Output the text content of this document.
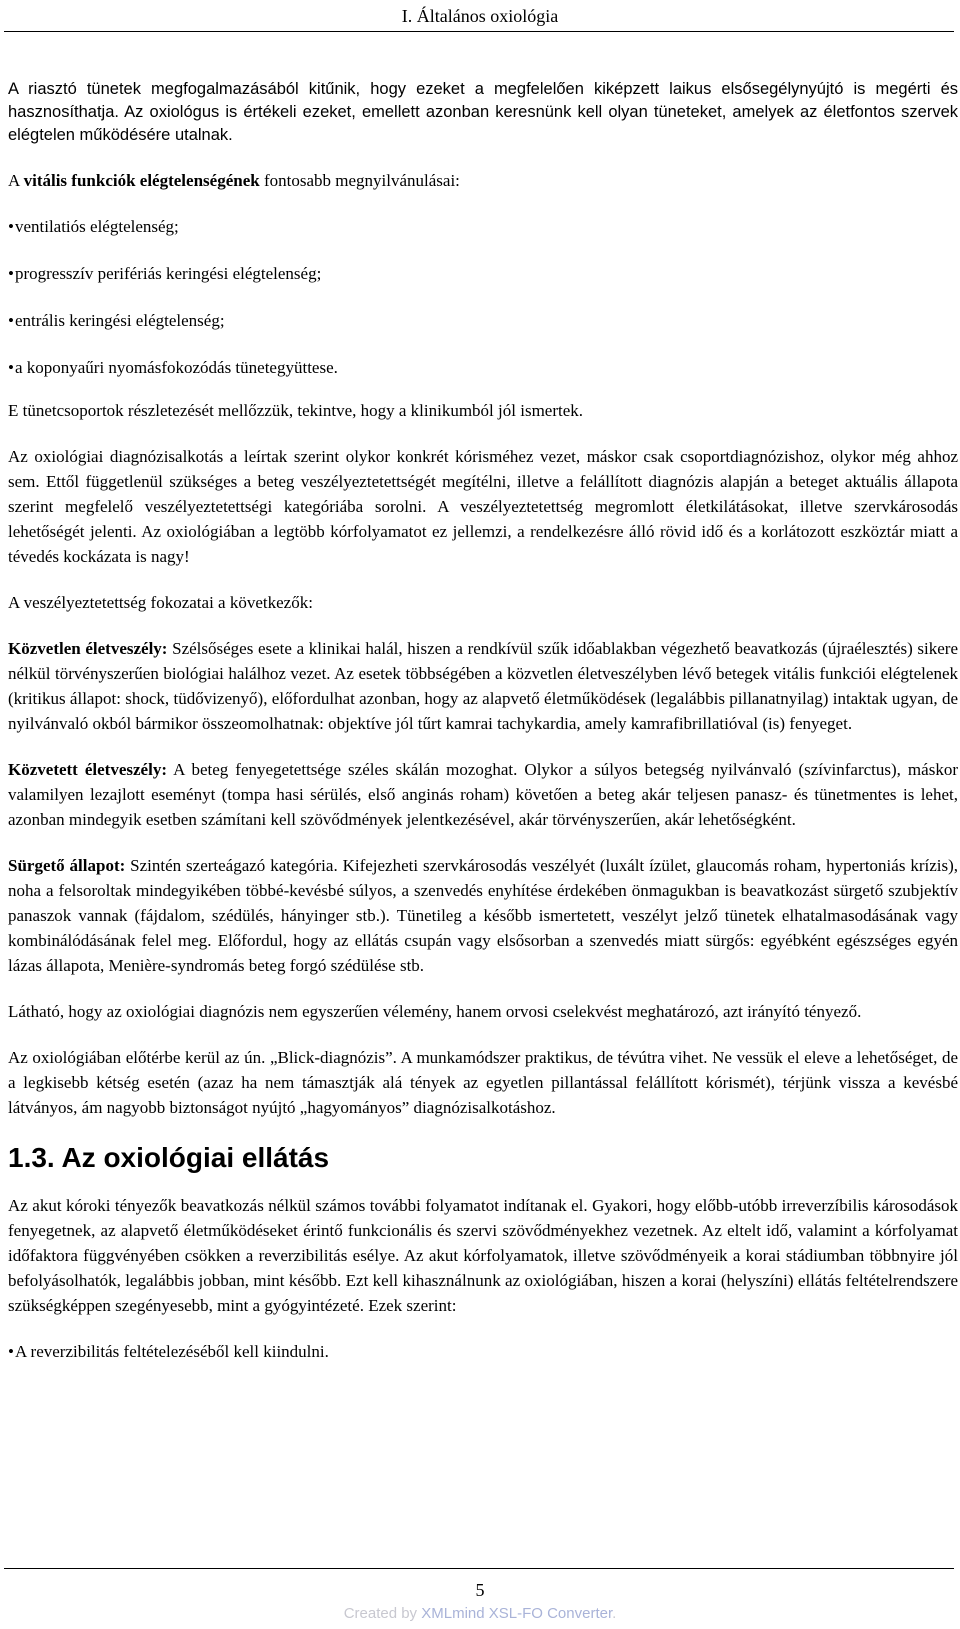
I. Általános oxiológia

A riasztó tünetek megfogalmazásából kitűnik, hogy ezeket a megfelelően kiképzett laikus elsősegélynyújtó is megérti és hasznosíthatja. Az oxiológus is értékeli ezeket, emellett azonban keresnünk kell olyan tüneteket, amelyek az életfontos szervek elégtelen működésére utalnak.

A vitális funkciók elégtelenségének fontosabb megnyilvánulásai:

•ventilatiós elégtelenség;
•progresszív perifériás keringési elégtelenség;
•entrális keringési elégtelenség;
•a koponyaűri nyomásfokozódás tünetegyüttese.

E tünetcsoportok részletezését mellőzzük, tekintve, hogy a klinikumból jól ismertek.

Az oxiológiai diagnózisalkotás a leírtak szerint olykor konkrét kórisméhez vezet, máskor csak csoportdiagnózishoz, olykor még ahhoz sem. Ettől függetlenül szükséges a beteg veszélyeztetettségét megítélni, illetve a felállított diagnózis alapján a beteget aktuális állapota szerint megfelelő veszélyeztetettségi kategóriába sorolni. A veszélyeztetettség megromlott életkilátásokat, illetve szervkárosodás lehetőségét jelenti. Az oxiológiában a legtöbb kórfolyamatot ez jellemzi, a rendelkezésre álló rövid idő és a korlátozott eszköztár miatt a tévedés kockázata is nagy!

A veszélyeztetettség fokozatai a következők:

Közvetlen életveszély: Szélsőséges esete a klinikai halál, hiszen a rendkívül szűk időablakban végezhető beavatkozás (újraélesztés) sikere nélkül törvényszerűen biológiai halálhoz vezet. Az esetek többségében a közvetlen életveszélyben lévő betegek vitális funkciói elégtelenek (kritikus állapot: shock, tüdővizenyő), előfordulhat azonban, hogy az alapvető életműködések (legalábbis pillanatnyilag) intaktak ugyan, de nyilvánvaló okból bármikor összeomolhatnak: objektíve jól tűrt kamrai tachykardia, amely kamrafibrillatióval (is) fenyeget.

Közvetett életveszély: A beteg fenyegetettsége széles skálán mozoghat. Olykor a súlyos betegség nyilvánvaló (szívinfarctus), máskor valamilyen lezajlott eseményt (tompa hasi sérülés, első anginás roham) követően a beteg akár teljesen panasz- és tünetmentes is lehet, azonban mindegyik esetben számítani kell szövődmények jelentkezésével, akár törvényszerűen, akár lehetőségként.

Sürgető állapot: Szintén szerteágazó kategória. Kifejezheti szervkárosodás veszélyét (luxált ízület, glaucomás roham, hypertoniás krízis), noha a felsoroltak mindegyikében többé-kevésbé súlyos, a szenvedés enyhítése érdekében önmagukban is beavatkozást sürgető szubjektív panaszok vannak (fájdalom, szédülés, hányinger stb.). Tünetileg a később ismertetett, veszélyt jelző tünetek elhatalmasodásának vagy kombinálódásának felel meg. Előfordul, hogy az ellátás csupán vagy elsősorban a szenvedés miatt sürgős: egyébként egészséges egyén lázas állapota, Menière-syndromás beteg forgó szédülése stb.

Látható, hogy az oxiológiai diagnózis nem egyszerűen vélemény, hanem orvosi cselekvést meghatározó, azt irányító tényező.

Az oxiológiában előtérbe kerül az ún. „Blick-diagnózis”. A munkamódszer praktikus, de tévútra vihet. Ne vessük el eleve a lehetőséget, de a legkisebb kétség esetén (azaz ha nem támasztják alá tények az egyetlen pillantással felállított kórismét), térjünk vissza a kevésbé látványos, ám nagyobb biztonságot nyújtó „hagyományos” diagnózisalkotáshoz.

1.3. Az oxiológiai ellátás

Az akut kóroki tényezők beavatkozás nélkül számos további folyamatot indítanak el. Gyakori, hogy előbb-utóbb irreverzíbilis károsodások fenyegetnek, az alapvető életműködéseket érintő funkcionális és szervi szövődményekhez vezetnek. Az eltelt idő, valamint a kórfolyamat időfaktora függvényében csökken a reverzibilitás esélye. Az akut kórfolyamatok, illetve szövődményeik a korai stádiumban többnyire jól befolyásolhatók, legalábbis jobban, mint később. Ezt kell kihasználnunk az oxiológiában, hiszen a korai (helyszíni) ellátás feltételrendszere szükségképpen szegényesebb, mint a gyógyintézeté. Ezek szerint:

•A reverzibilitás feltételezéséből kell kiindulni.
5
Created by XMLmind XSL-FO Converter.
